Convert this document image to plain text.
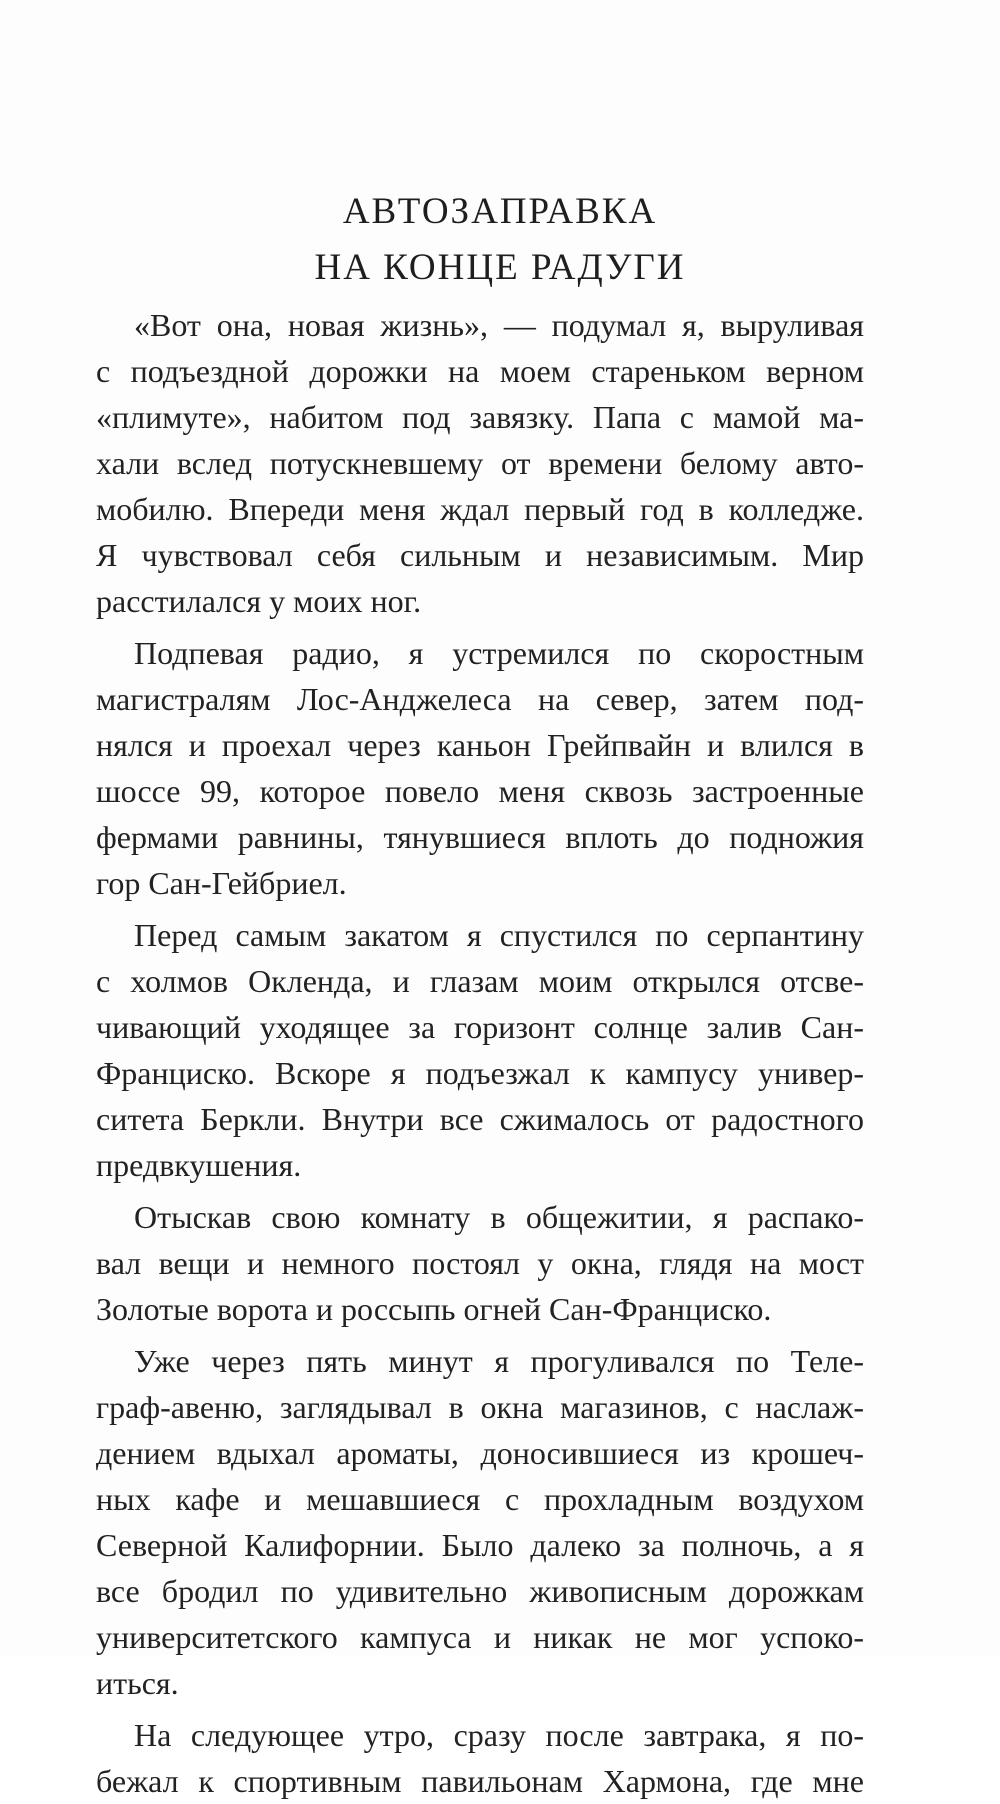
АВТОЗАПРАВКА
НА КОНЦЕ РАДУГИ
«Вот она, новая жизнь», — подумал я, выруливая
с подъездной дорожки на моем стареньком верном
«плимуте», набитом под завязку. Папа с мамой ма-
хали вслед потускневшему от времени белому авто-
мобилю. Впереди меня ждал первый год в колледже.
Я чувствовал себя сильным и независимым. Мир
расстилался у моих ног.
Подпевая радио, я устремился по скоростным
магистралям Лос-Анджелеса на север, затем под-
нялся и проехал через каньон Грейпвайн и влился в
шоссе 99, которое повело меня сквозь застроенные
фермами равнины, тянувшиеся вплоть до подножия
гор Сан-Гейбриел.
Перед самым закатом я спустился по серпантину
с холмов Окленда, и глазам моим открылся отсве-
чивающий уходящее за горизонт солнце залив Сан-
Франциско. Вскоре я подъезжал к кампусу универ-
ситета Беркли. Внутри все сжималось от радостного
предвкушения.
Отыскав свою комнату в общежитии, я распако-
вал вещи и немного постоял у окна, глядя на мост
Золотые ворота и россыпь огней Сан-Франциско.
Уже через пять минут я прогуливался по Теле-
граф-авеню, заглядывал в окна магазинов, с наслаж-
дением вдыхал ароматы, доносившиеся из крошеч-
ных кафе и мешавшиеся с прохладным воздухом
Северной Калифорнии. Было далеко за полночь, а я
все бродил по удивительно живописным дорожкам
университетского кампуса и никак не мог успоко-
иться.
На следующее утро, сразу после завтрака, я по-
бежал к спортивным павильонам Хармона, где мне
